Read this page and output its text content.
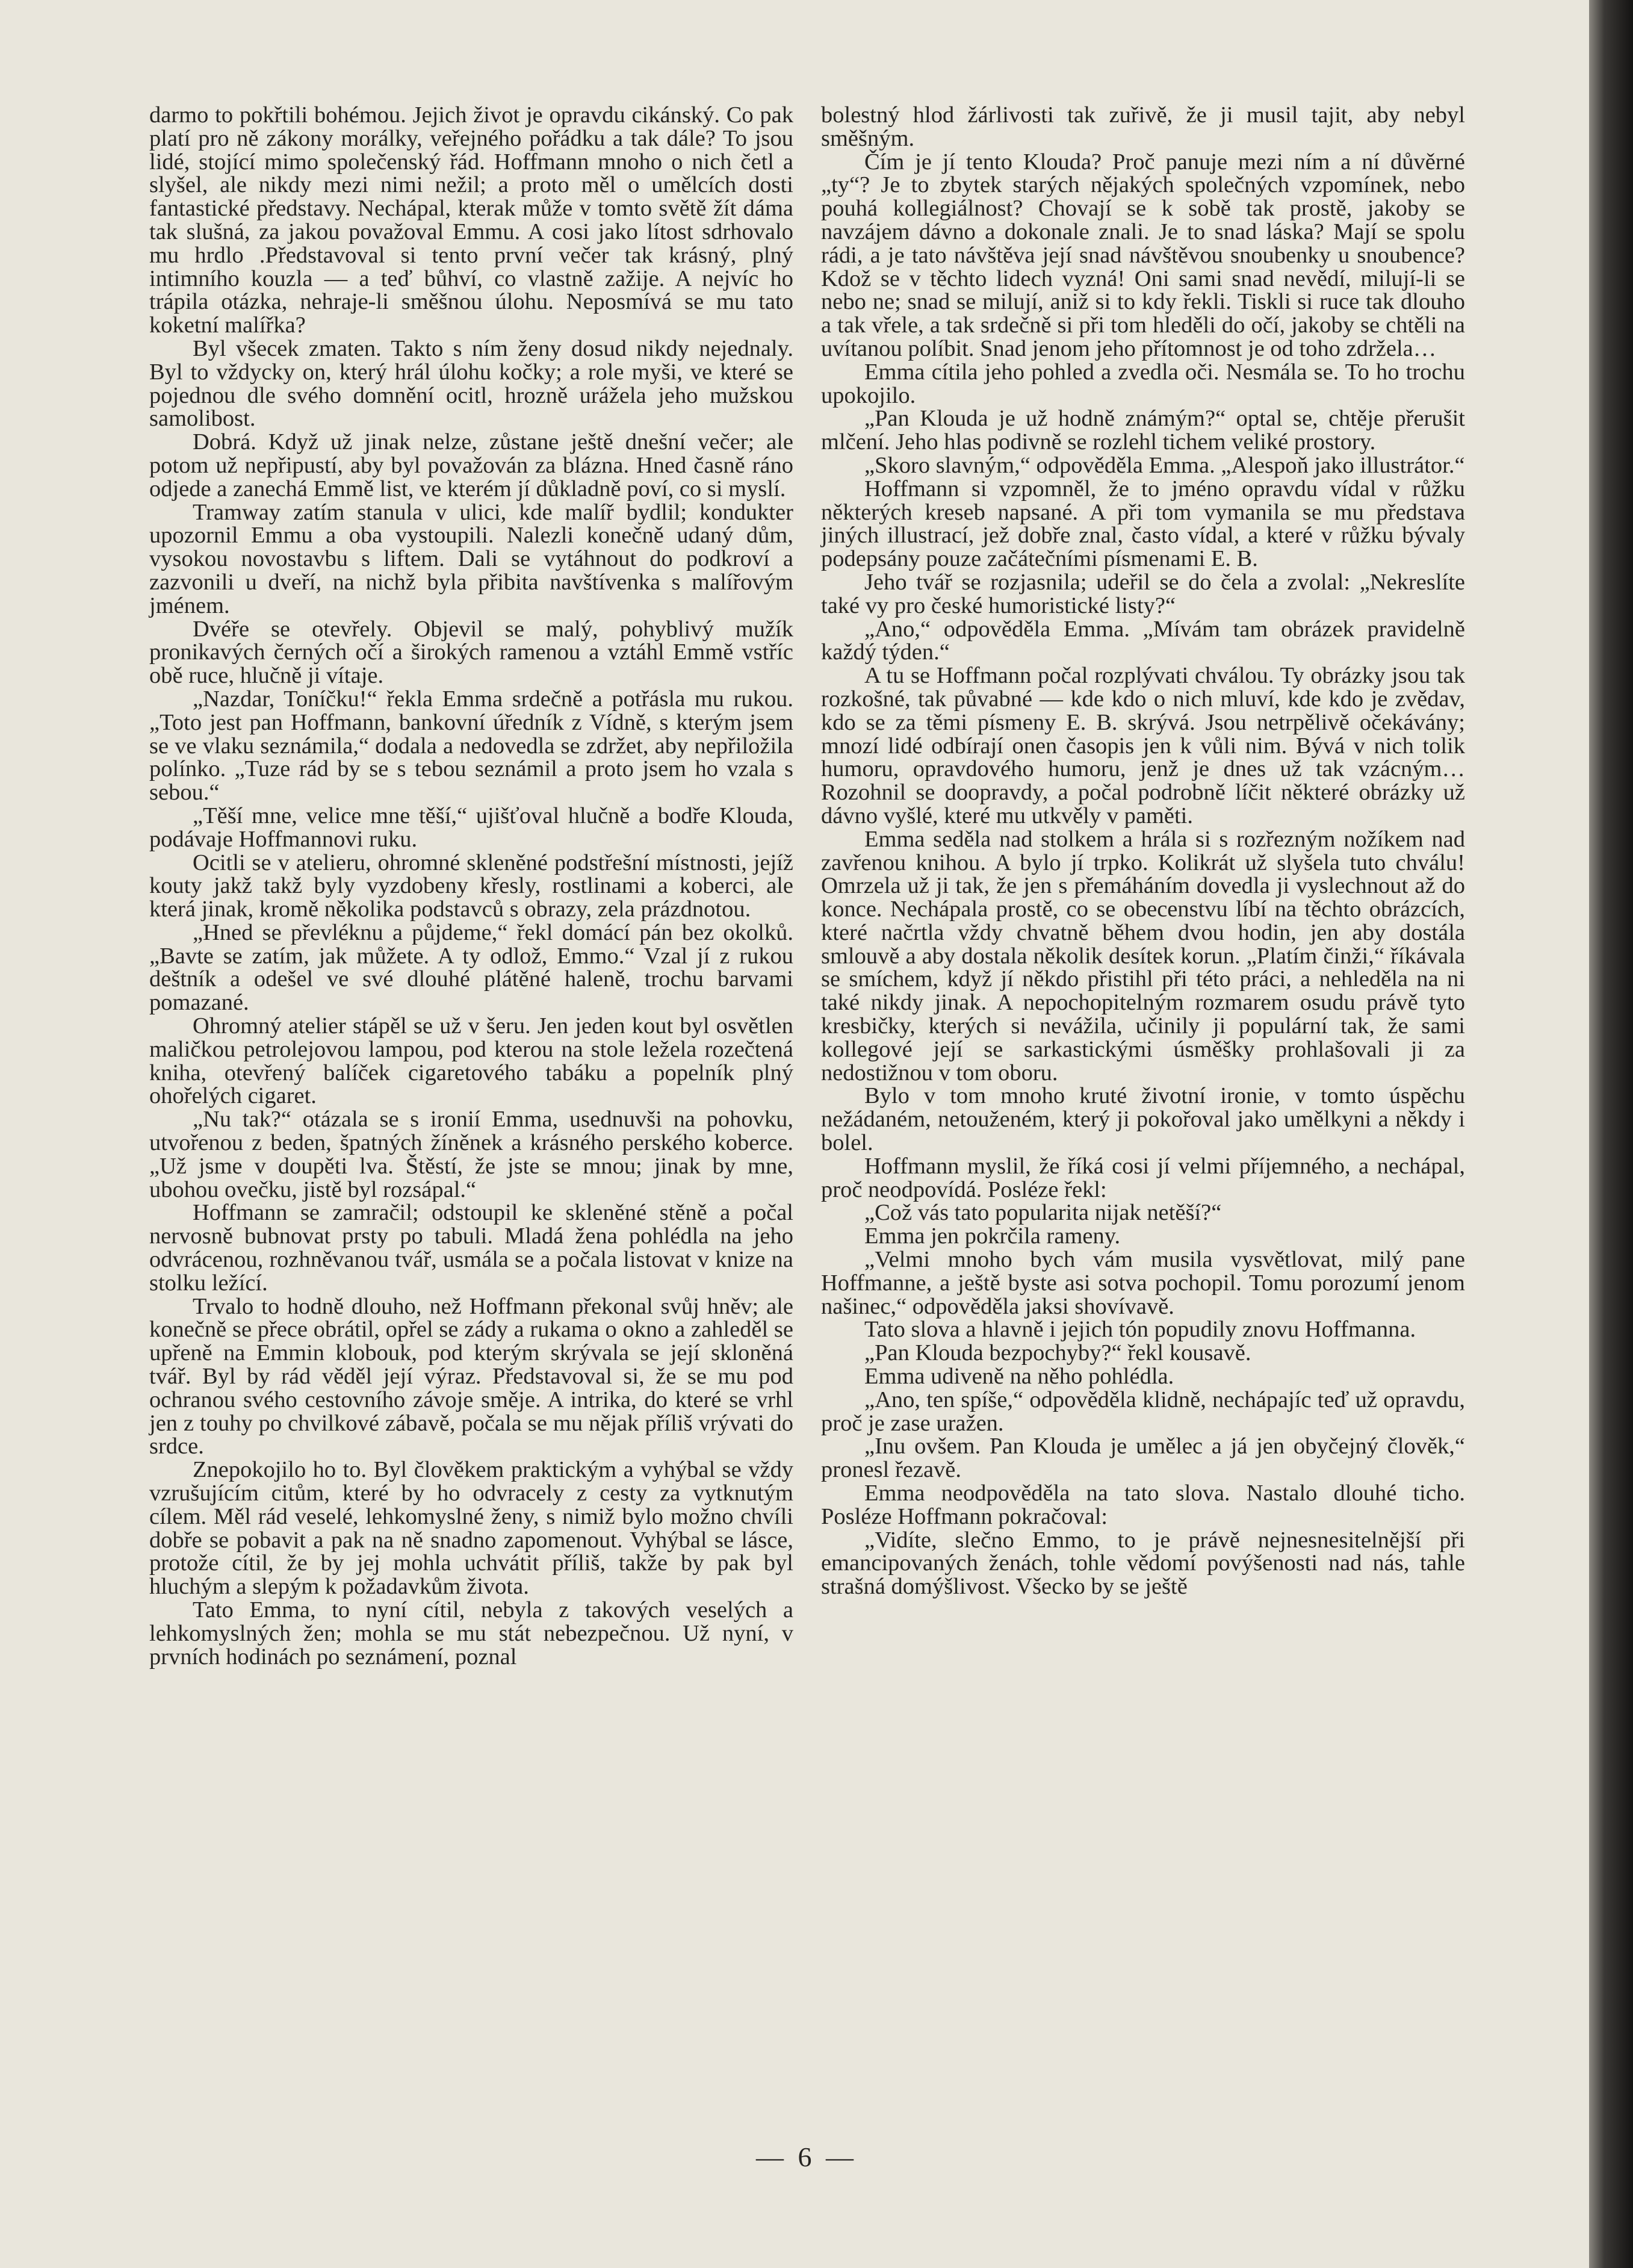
darmo to pokřtili bohémou. Jejich život je opravdu cikánský. Co pak platí pro ně zákony morálky, veřejného pořádku a tak dále? To jsou lidé, stojící mimo společenský řád. Hoffmann mnoho o nich četl a slyšel, ale nikdy mezi nimi nežil; a proto měl o umělcích dosti fantastické představy. Nechápal, kterak může v tomto světě žít dáma tak slušná, za jakou považoval Emmu. A cosi jako lítost sdrhovalo mu hrdlo .Představoval si tento první večer tak krásný, plný intimního kouzla — a teď bůhví, co vlastně zažije. A nejvíc ho trápila otázka, nehraje-li směšnou úlohu. Neposmívá se mu tato koketní malířka?

Byl všecek zmaten. Takto s ním ženy dosud nikdy nejednaly. Byl to vždycky on, který hrál úlohu kočky; a role myši, ve které se pojednou dle svého domnění ocitl, hrozně urážela jeho mužskou samolibost.

Dobrá. Když už jinak nelze, zůstane ještě dnešní večer; ale potom už nepřipustí, aby byl považován za blázna. Hned časně ráno odjede a zanechá Emmě list, ve kterém jí důkladně poví, co si myslí.

Tramway zatím stanula v ulici, kde malíř bydlil; kondukter upozornil Emmu a oba vystoupili. Nalezli konečně udaný dům, vysokou novostavbu s liftem. Dali se vytáhnout do podkroví a zazvonili u dveří, na nichž byla přibita navštívenka s malířovým jménem.

Dvéře se otevřely. Objevil se malý, pohyblivý mužík pronikavých černých očí a širokých ramenou a vztáhl Emmě vstříc obě ruce, hlučně ji vítaje.

„Nazdar, Toníčku!“ řekla Emma srdečně a potřásla mu rukou. „Toto jest pan Hoffmann, bankovní úředník z Vídně, s kterým jsem se ve vlaku seznámila,“ dodala a nedovedla se zdržet, aby nepřiložila polínko. „Tuze rád by se s tebou seznámil a proto jsem ho vzala s sebou.“

„Těší mne, velice mne těší,“ ujišťoval hlučně a bodře Klouda, podávaje Hoffmannovi ruku.

Ocitli se v atelieru, ohromné skleněné podstřešní místnosti, jejíž kouty jakž takž byly vyzdobeny křesly, rostlinami a koberci, ale která jinak, kromě několika podstavců s obrazy, zela prázdnotou.

„Hned se převléknu a půjdeme,“ řekl domácí pán bez okolků. „Bavte se zatím, jak můžete. A ty odlož, Emmo.“ Vzal jí z rukou deštník a odešel ve své dlouhé plátěné haleně, trochu barvami pomazané.

Ohromný atelier stápěl se už v šeru. Jen jeden kout byl osvětlen maličkou petrolejovou lampou, pod kterou na stole ležela rozečtená kniha, otevřený balíček cigaretového tabáku a popelník plný ohořelých cigaret.

„Nu tak?“ otázala se s ironií Emma, usednuvši na pohovku, utvořenou z beden, špatných žíněnek a krásného perského koberce. „Už jsme v doupěti lva. Štěstí, že jste se mnou; jinak by mne, ubohou ovečku, jistě byl rozsápal.“

Hoffmann se zamračil; odstoupil ke skleněné stěně a počal nervosně bubnovat prsty po tabuli. Mladá žena pohlédla na jeho odvrácenou, rozhněvanou tvář, usmála se a počala listovat v knize na stolku ležící.

Trvalo to hodně dlouho, než Hoffmann překonal svůj hněv; ale konečně se přece obrátil, opřel se zády a rukama o okno a zahleděl se upřeně na Emmin klobouk, pod kterým skrývala se její skloněná tvář. Byl by rád věděl její výraz. Představoval si, že se mu pod ochranou svého cestovního závoje směje. A intrika, do které se vrhl jen z touhy po chvilkové zábavě, počala se mu nějak příliš vrývati do srdce.

Znepokojilo ho to. Byl člověkem praktickým a vyhýbal se vždy vzrušujícím citům, které by ho odvracely z cesty za vytknutým cílem. Měl rád veselé, lehkomyslné ženy, s nimiž bylo možno chvíli dobře se pobavit a pak na ně snadno zapomenout. Vyhýbal se lásce, protože cítil, že by jej mohla uchvátit příliš, takže by pak byl hluchým a slepým k požadavkům života.

Tato Emma, to nyní cítil, nebyla z takových veselých a lehkomyslných žen; mohla se mu stát nebezpečnou. Už nyní, v prvních hodinách po seznámení, poznal

bolestný hlod žárlivosti tak zuřivě, že ji musil tajit, aby nebyl směšným.

Čím je jí tento Klouda? Proč panuje mezi ním a ní důvěrné „ty“? Je to zbytek starých nějakých společných vzpomínek, nebo pouhá kollegiálnost? Chovají se k sobě tak prostě, jakoby se navzájem dávno a dokonale znali. Je to snad láska? Mají se spolu rádi, a je tato návštěva její snad návštěvou snoubenky u snoubence? Kdož se v těchto lidech vyzná! Oni sami snad nevědí, milují-li se nebo ne; snad se milují, aniž si to kdy řekli. Tiskli si ruce tak dlouho a tak vřele, a tak srdečně si při tom hleděli do očí, jakoby se chtěli na uvítanou políbit. Snad jenom jeho přítomnost je od toho zdržela…

Emma cítila jeho pohled a zvedla oči. Nesmála se. To ho trochu upokojilo.

„Pan Klouda je už hodně známým?“ optal se, chtěje přerušit mlčení. Jeho hlas podivně se rozlehl tichem veliké prostory.

„Skoro slavným,“ odpověděla Emma. „Alespoň jako illustrátor.“

Hoffmann si vzpomněl, že to jméno opravdu vídal v růžku některých kreseb napsané. A při tom vymanila se mu představa jiných illustrací, jež dobře znal, často vídal, a které v růžku bývaly podepsány pouze začátečními písmenami E. B.

Jeho tvář se rozjasnila; udeřil se do čela a zvolal: „Nekreslíte také vy pro české humoristické listy?“

„Ano,“ odpověděla Emma. „Mívám tam obrázek pravidelně každý týden.“

A tu se Hoffmann počal rozplývati chválou. Ty obrázky jsou tak rozkošné, tak půvabné — kde kdo o nich mluví, kde kdo je zvědav, kdo se za těmi písmeny E. B. skrývá. Jsou netrpělivě očekávány; mnozí lidé odbírají onen časopis jen k vůli nim. Bývá v nich tolik humoru, opravdového humoru, jenž je dnes už tak vzácným… Rozohnil se doopravdy, a počal podrobně líčit některé obrázky už dávno vyšlé, které mu utkvěly v paměti.

Emma seděla nad stolkem a hrála si s rozřezným nožíkem nad zavřenou knihou. A bylo jí trpko. Kolikrát už slyšela tuto chválu! Omrzela už ji tak, že jen s přemáháním dovedla ji vyslechnout až do konce. Nechápala prostě, co se obecenstvu líbí na těchto obrázcích, které načrtla vždy chvatně během dvou hodin, jen aby dostála smlouvě a aby dostala několik desítek korun. „Platím činži,“ říkávala se smíchem, když jí někdo přistihl při této práci, a nehleděla na ni také nikdy jinak. A nepochopitelným rozmarem osudu právě tyto kresbičky, kterých si nevážila, učinily ji populární tak, že sami kollegové její se sarkastickými úsměšky prohlašovali ji za nedostižnou v tom oboru.

Bylo v tom mnoho kruté životní ironie, v tomto úspěchu nežádaném, netouženém, který ji pokořoval jako umělkyni a někdy i bolel.

Hoffmann myslil, že říká cosi jí velmi příjemného, a nechápal, proč neodpovídá. Posléze řekl:

„Což vás tato popularita nijak netěší?“

Emma jen pokrčila rameny.

„Velmi mnoho bych vám musila vysvětlovat, milý pane Hoffmanne, a ještě byste asi sotva pochopil. Tomu porozumí jenom našinec,“ odpověděla jaksi shovívavě.

Tato slova a hlavně i jejich tón popudily znovu Hoffmanna.

„Pan Klouda bezpochyby?“ řekl kousavě.

Emma udiveně na něho pohlédla.

„Ano, ten spíše,“ odpověděla klidně, nechápajíc teď už opravdu, proč je zase uražen.

„Inu ovšem. Pan Klouda je umělec a já jen obyčejný člověk,“ pronesl řezavě.

Emma neodpověděla na tato slova. Nastalo dlouhé ticho. Posléze Hoffmann pokračoval:

„Vidíte, slečno Emmo, to je právě nejnesnesitelnější při emancipovaných ženách, tohle vědomí povýšenosti nad nás, tahle strašná domýšlivost. Všecko by se ještě

— 6 —
